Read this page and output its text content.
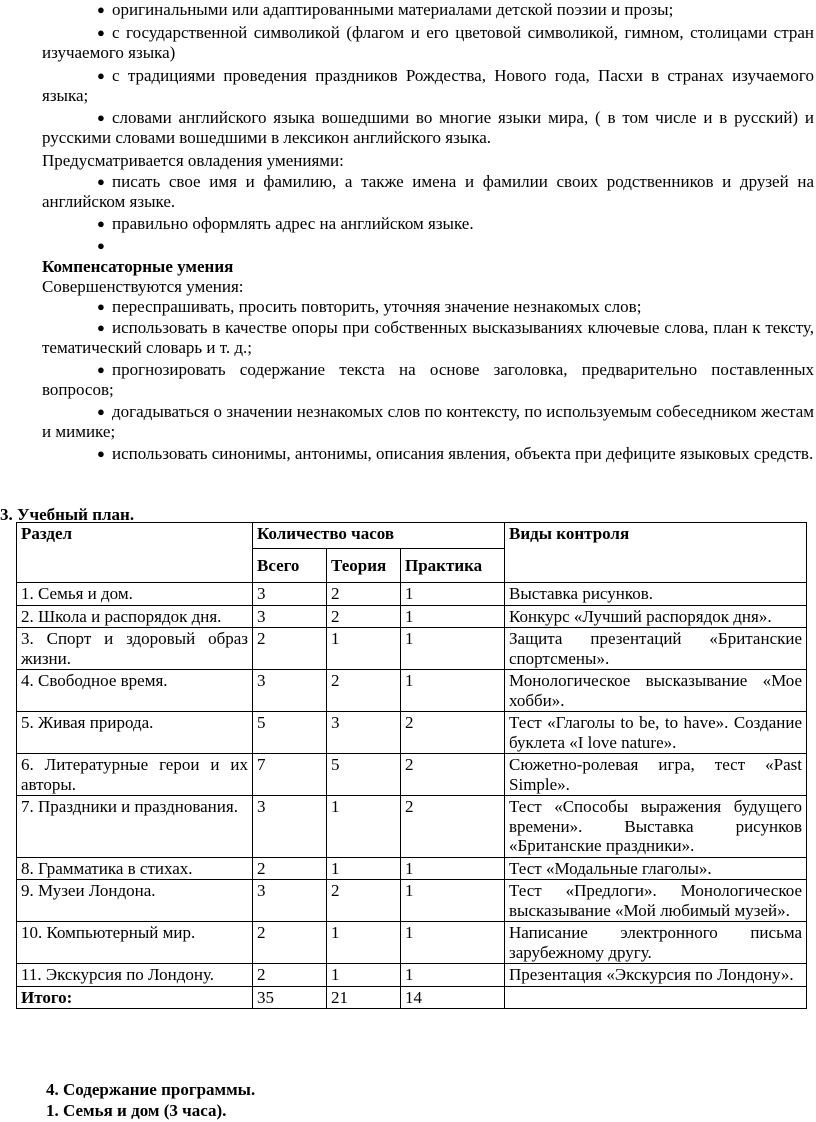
● оригинальными или адаптированными материалами детской поэзии и прозы;

● с государственной символикой (флагом и его цветовой символикой, гимном, столицами стран изучаемого языка)

● с традициями проведения праздников Рождества, Нового года, Пасхи в странах изучаемого языка;

● словами английского языка вошедшими во многие языки мира, ( в том числе и в русский) и русскими словами вошедшими в лексикон английского языка.

Предусматривается овладения умениями:
● писать свое имя и фамилию, а также имена и фамилии своих родственников и друзей на английском языке.

● правильно оформлять адрес на английском языке.

●

Компенсаторные умения
Совершенствуются умения:
● переспрашивать, просить повторить, уточняя значение незнакомых слов;

● использовать в качестве опоры при собственных высказываниях ключевые слова, план к тексту, тематический словарь и т. д.;

● прогнозировать содержание текста на основе заголовка, предварительно поставленных вопросов;

● догадываться о значении незнакомых слов по контексту, по используемым собеседником жестам и мимике;

● использовать синонимы, антонимы, описания явления, объекта при дефиците языковых средств.

3. Учебный план.
Раздел	Количество часов			Виды контроля
	Всего	Теория	Практика	
1. Семья и дом.	3	2	1	Выставка рисунков.
2. Школа и распорядок дня.	3	2	1	Конкурс «Лучший распорядок дня».
3. Спорт и здоровый образ жизни.	2	1	1	Защита презентаций «Британские спортсмены».
4. Свободное время.	3	2	1	Монологическое высказывание «Мое хобби».
5. Живая природа.	5	3	2	Тест «Глаголы to be, to have». Создание буклета «I love nature».
6. Литературные герои и их авторы.	7	5	2	Сюжетно-ролевая игра, тест «Past Simple».
7. Праздники и празднования.	3	1	2	Тест «Способы выражения будущего времени». Выставка рисунков «Британские праздники».
8. Грамматика в стихах.	2	1	1	Тест «Модальные глаголы».
9. Музеи Лондона.	3	2	1	Тест «Предлоги». Монологическое высказывание «Мой любимый музей».
10. Компьютерный мир.	2	1	1	Написание электронного письма зарубежному другу.
11. Экскурсия по Лондону.	2	1	1	Презентация «Экскурсия по Лондону».
Итого:	35	21	14	
4. Содержание программы.
1. Семья и дом (3 часа).
